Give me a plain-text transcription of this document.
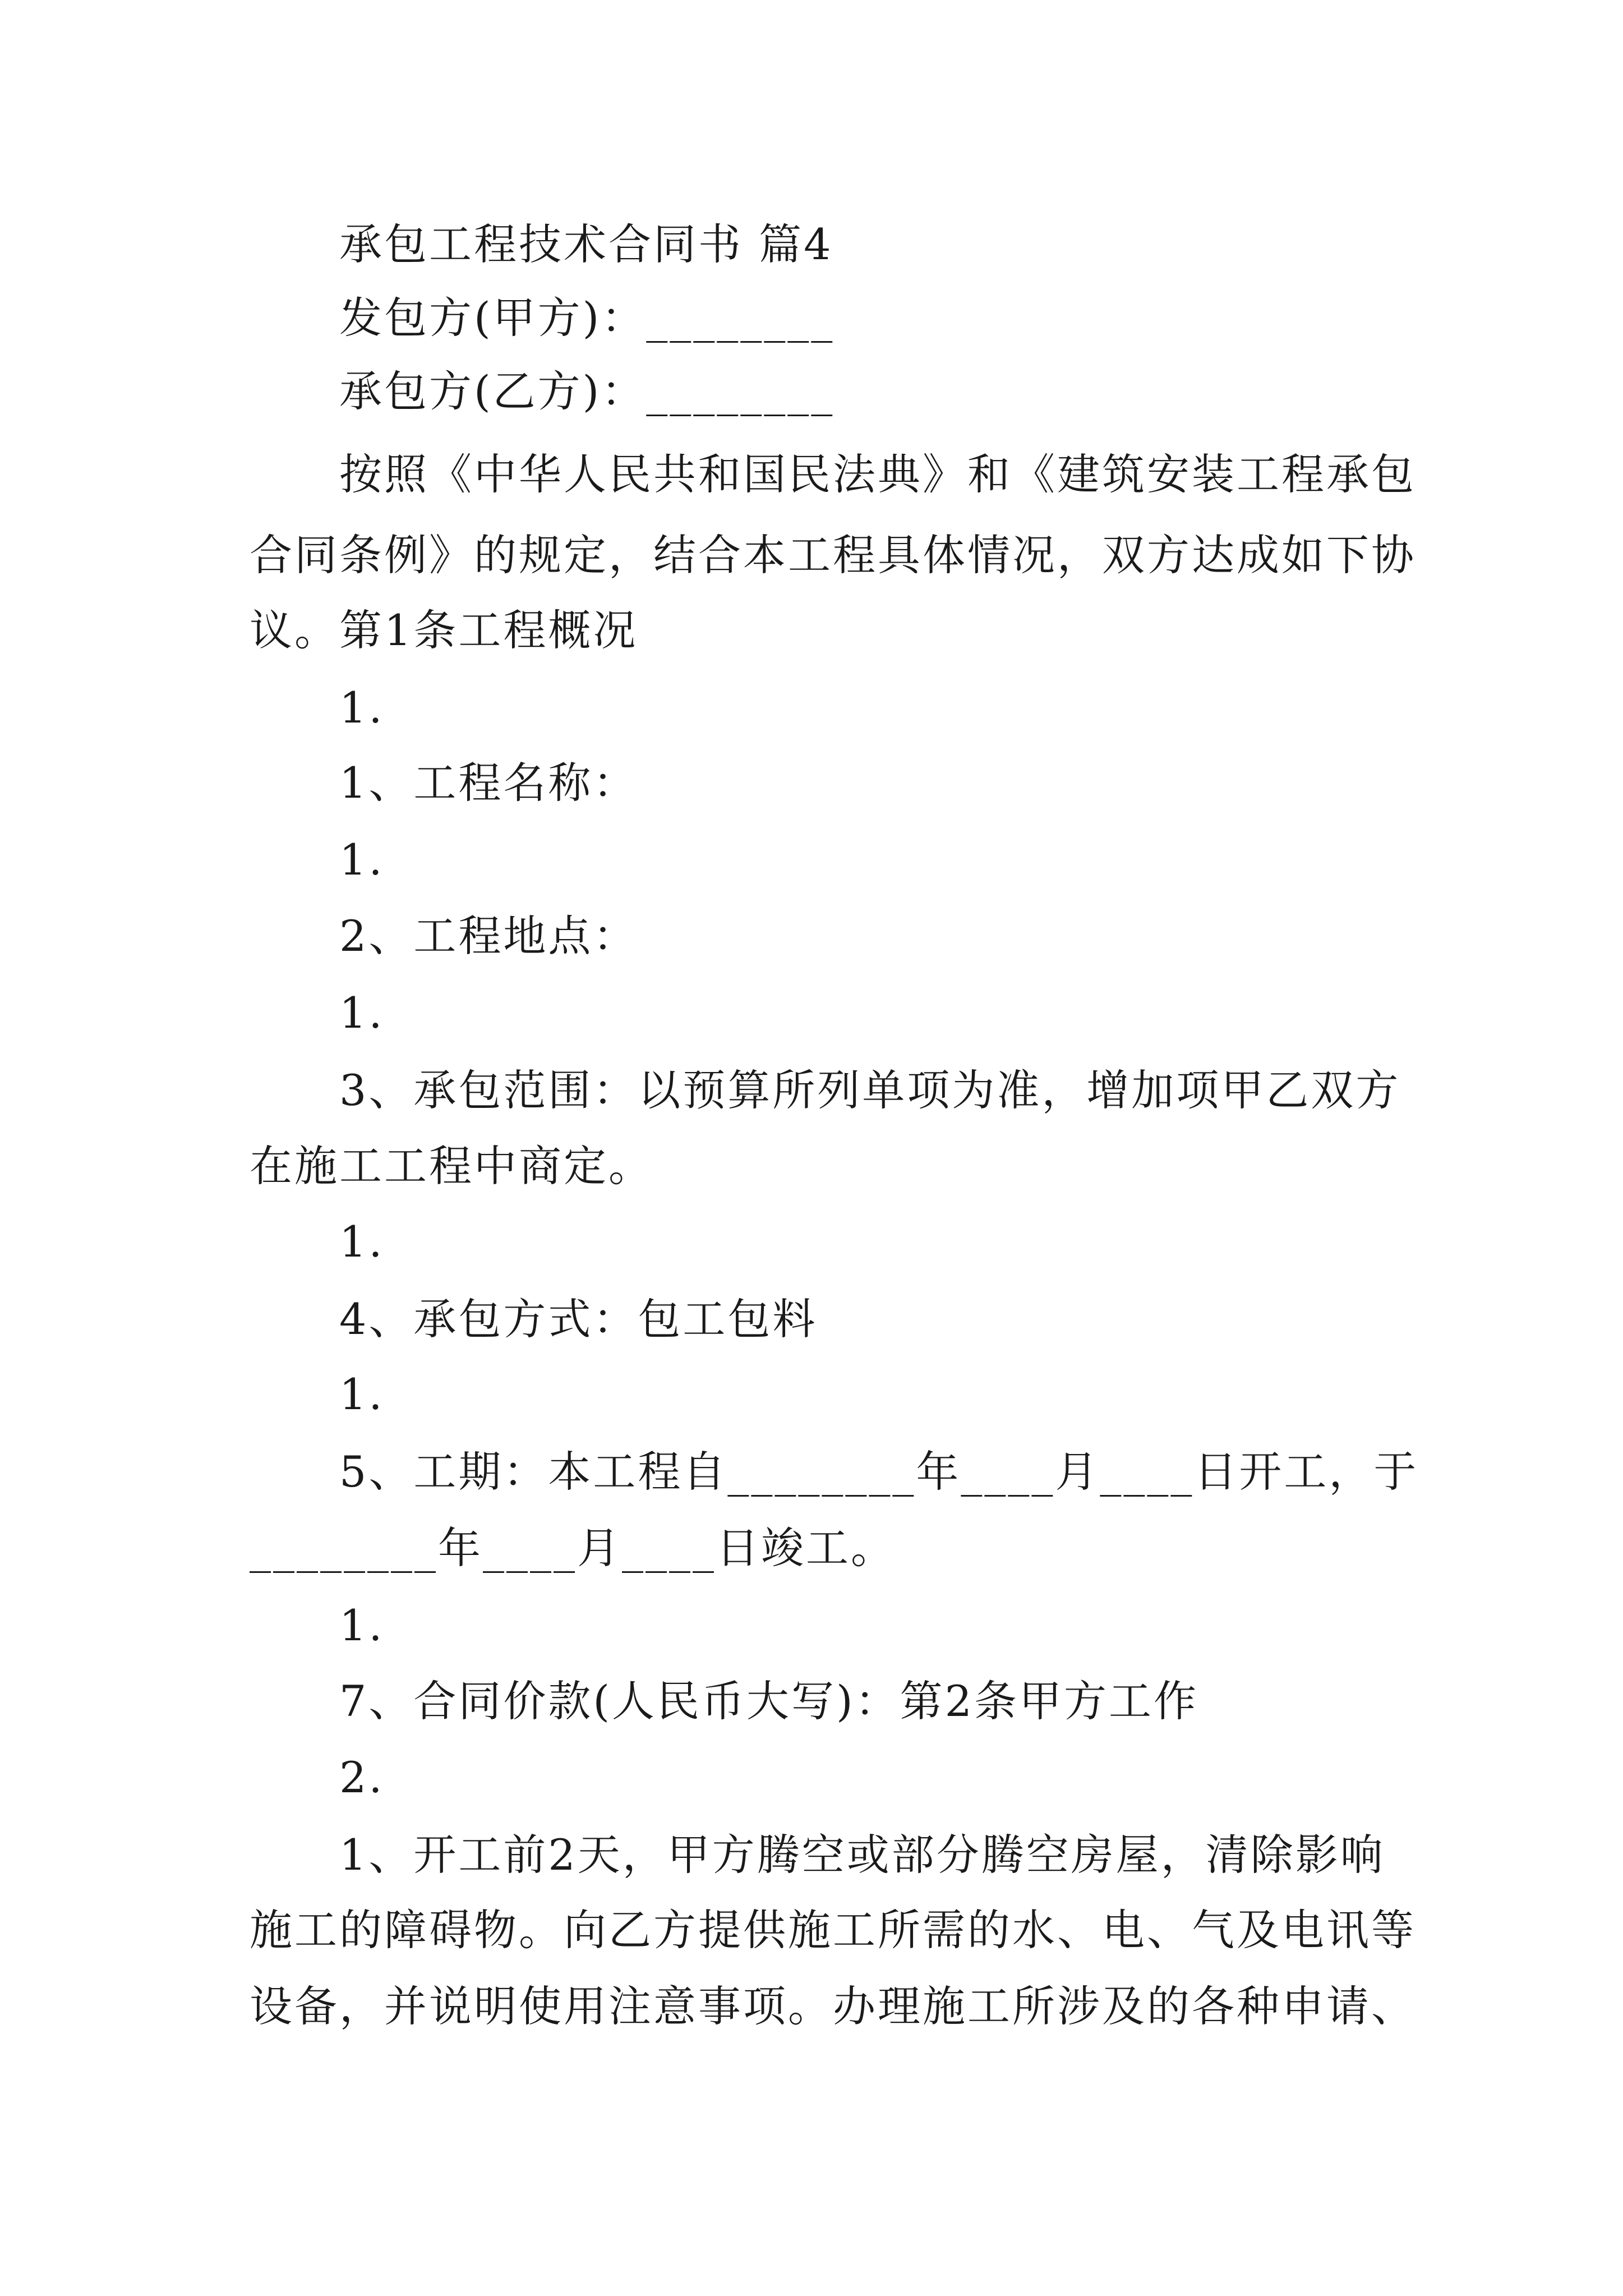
承包工程技术合同书 篇4
发包方(甲方)：________
承包方(乙方)：________
按照《中华人民共和国民法典》和《建筑安装工程承包
合同条例》的规定，结合本工程具体情况，双方达成如下协
议。第1条工程概况
1.
1、工程名称：
1.
2、工程地点：
1.
3、承包范围：以预算所列单项为准，增加项甲乙双方
在施工工程中商定。
1.
4、承包方式：包工包料
1.
5、工期：本工程自________年____月____日开工，于
________年____月____日竣工。
1.
7、合同价款(人民币大写)：第2条甲方工作
2.
1、开工前2天，甲方腾空或部分腾空房屋，清除影响
施工的障碍物。向乙方提供施工所需的水、电、气及电讯等
设备，并说明使用注意事项。办理施工所涉及的各种申请、
